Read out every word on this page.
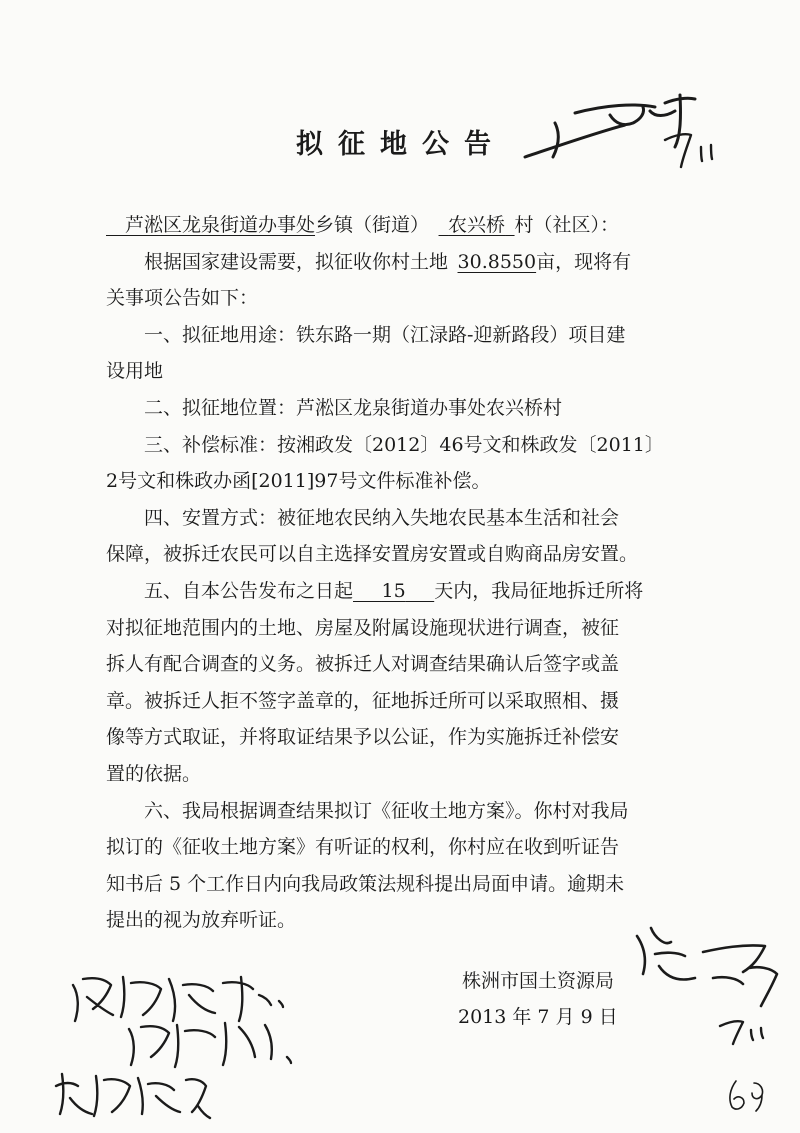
拟征地公告
 芦淞区龙泉街道办事处乡镇（街道）   农兴桥  村（社区）：
根据国家建设需要，拟征收你村土地  30.8550亩，现将有
关事项公告如下：
一、拟征地用途：铁东路一期（江渌路-迎新路段）项目建
设用地
二、拟征地位置：芦淞区龙泉街道办事处农兴桥村
三、补偿标准：按湘政发〔2012〕46号文和株政发〔2011〕
2号文和株政办函[2011]97号文件标准补偿。
四、安置方式：被征地农民纳入失地农民基本生活和社会
保障，被拆迁农民可以自主选择安置房安置或自购商品房安置。
五、自本公告发布之日起   15   天内，我局征地拆迁所将
对拟征地范围内的土地、房屋及附属设施现状进行调查，被征
拆人有配合调查的义务。被拆迁人对调查结果确认后签字或盖
章。被拆迁人拒不签字盖章的，征地拆迁所可以采取照相、摄
像等方式取证，并将取证结果予以公证，作为实施拆迁补偿安
置的依据。
六、我局根据调查结果拟订《征收土地方案》。你村对我局
拟订的《征收土地方案》有听证的权利，你村应在收到听证告
知书后 5 个工作日内向我局政策法规科提出局面申请。逾期未
提出的视为放弃听证。
株洲市国土资源局
2013 年 7 月 9 日
